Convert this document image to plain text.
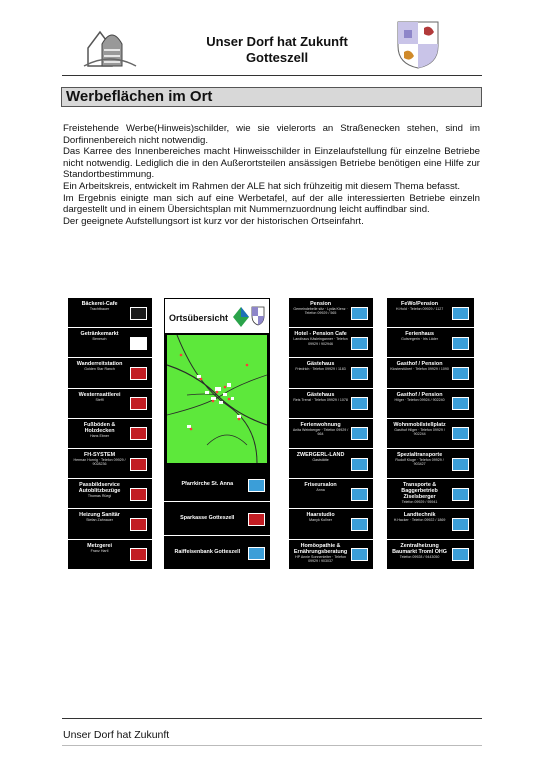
Unser Dorf hat Zukunft
Gotteszell
Werbeflächen im Ort

Freistehende Werbe(Hinweis)schilder, wie sie vielerorts an Straßenecken stehen, sind im Dorfinnenbereich nicht notwendig.

Das Karree des Innenbereiches macht Hinweisschilder in Einzelaufstellung für einzelne Betriebe nicht notwendig. Lediglich die in den Außerortsteilen ansässigen Betriebe benötigen eine Hilfe zur Standortbestimmung.

Ein Arbeitskreis, entwickelt im Rahmen der ALE hat sich frühzeitig mit diesem Thema befasst.

Im Ergebnis einigte man sich auf eine Werbetafel, auf der alle interessierten Betriebe einzeln dargestellt und in einem Übersichtsplan mit Nummernzuordnung leicht auffindbar sind.

Der geeignete Aufstellungsort ist kurz vor der historischen Ortseinfahrt.

Bäckerei-Cafe
Trachtbauer
Getränkemarkt
Benesch
Wanderreitstation
Golden Star Ranch
Westernsattlerei
Steffl
Fußböden & Holzdecken
Hans Ebner
FH-SYSTEM
Herman Hornig · Telefon 09929 / 9028236
Passbildservice Autoblitzbezüge
Thomas Rüegl
Heizung Sanitär
Stefan Zahnauer
Metzgerei
Franz Hartl
Ortsübersicht
Pfarrkirche St. Anna
Sparkasse Gotteszell
Raiffeisenbank Gotteszell
Pension
Gemeindebelle sitz · Lydia Kienz · Telefon 09929 / 565
Hotel - Pension Cafe
Landhaus Käsleinganner · Telefon 09929 / 902946
Gästehaus
Friedrich · Telefon 09929 / 1183
Gästehaus
Reis Trenzl · Telefon 09929 / 1078
Ferienwohnung
Anita Weinberger · Telefon 09929 / 664
ZWERGERL-LAND
Gaststätte
Friseursalon
Anna
Haarstudio
Manyk Kollner
Homöopathie & Ernährungsberatung
HP Annie Sonnenleiter · Telefon 09929 / 903037
FeWo/Pension
H.Hold · Telefon 09929 / 1127
Ferienhaus
Gutsregerin · Iris Läder
Gasthof / Pension
Klosterstüberl · Telefon 09929 / 1090
Gasthof / Pension
Hilger · Telefon 09924 / 902240
Wohnmobilstellplatz
Gasthof Hilger · Telefon 09929 / 902244
Spezialtransporte
Rudolf Kluge · Telefon 09929 / 903427
Transporte & Baggerbetrieb Ziselsberger
Telefon 09929 / 95941
Landtechnik
H.Hacker · Telefon 09922 / 1869
Zentralheizung Baumarkt Troml OHG
Telefon 09928 / 9443050
Unser Dorf hat Zukunft
